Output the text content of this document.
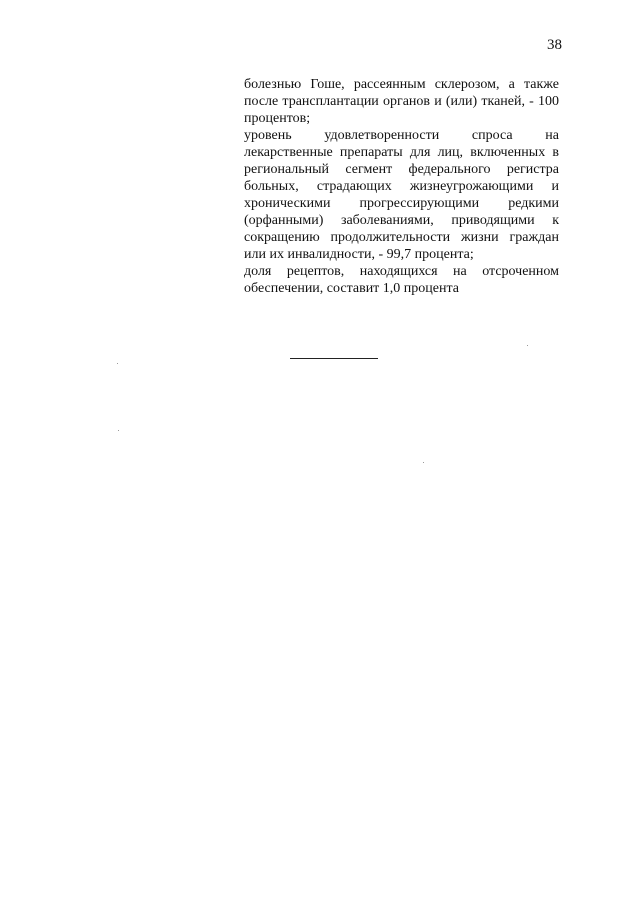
38

болезнью Гоше, рассеянным склерозом, а также после трансплантации органов и (или) тканей, - 100 процентов;

уровень удовлетворенности спроса на лекарственные препараты для лиц, включенных в региональный сегмент федерального регистра больных, страдающих жизнеугрожающими и хроническими прогрессирующими редкими (орфанными) заболеваниями, приводящими к сокращению продолжительности жизни граждан или их инвалидности, - 99,7 процента;

доля рецептов, находящихся на отсроченном обеспечении, составит 1,0 процента
